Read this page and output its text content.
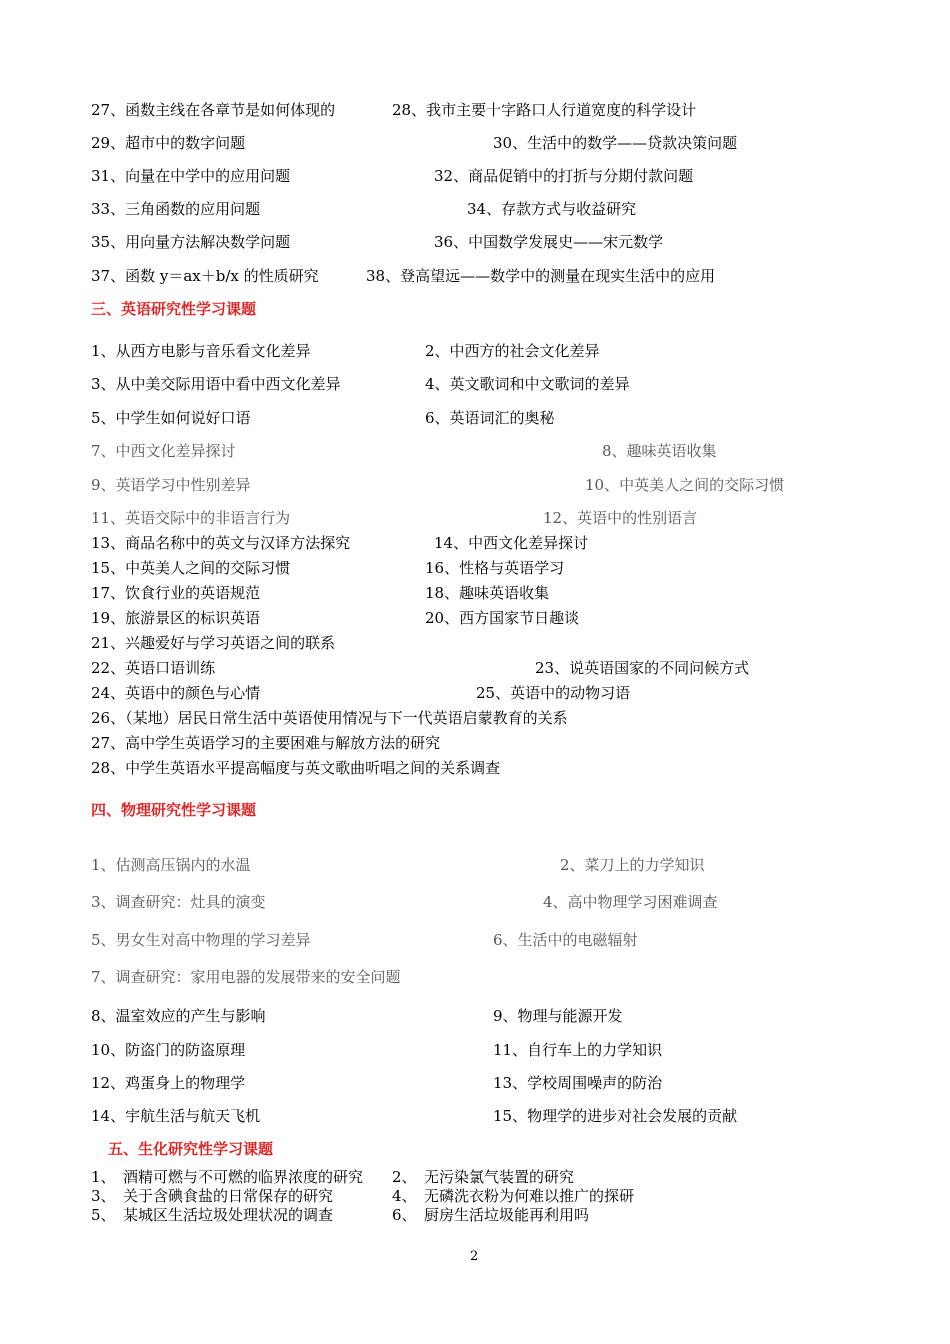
27、函数主线在各章节是如何体现的	28、我市主要十字路口人行道宽度的科学设计
29、超市中的数字问题	30、生活中的数学——贷款决策问题
31、向量在中学中的应用问题	32、商品促销中的打折与分期付款问题
33、三角函数的应用问题	34、存款方式与收益研究
35、用向量方法解决数学问题	36、中国数学发展史——宋元数学
37、函数 y＝ax＋b/x 的性质研究	38、登高望远——数学中的测量在现实生活中的应用
三、英语研究性学习课题
1、从西方电影与音乐看文化差异	2、中西方的社会文化差异
3、从中美交际用语中看中西文化差异	4、英文歌词和中文歌词的差异
5、中学生如何说好口语	6、英语词汇的奥秘
7、中西文化差异探讨	8、趣味英语收集
9、英语学习中性别差异	10、中英美人之间的交际习惯
11、英语交际中的非语言行为	12、英语中的性别语言
13、商品名称中的英文与汉译方法探究	14、中西文化差异探讨
15、中英美人之间的交际习惯	16、性格与英语学习
17、饮食行业的英语规范	18、趣味英语收集
19、旅游景区的标识英语	20、西方国家节日趣谈
21、兴趣爱好与学习英语之间的联系
22、英语口语训练	23、说英语国家的不同问候方式
24、英语中的颜色与心情	25、英语中的动物习语
26、（某地）居民日常生活中英语使用情况与下一代英语启蒙教育的关系
27、高中学生英语学习的主要困难与解放方法的研究
28、中学生英语水平提高幅度与英文歌曲听唱之间的关系调查
四、物理研究性学习课题
1、估测高压锅内的水温	2、菜刀上的力学知识
3、调查研究：灶具的演变	4、高中物理学习困难调查
5、男女生对高中物理的学习差异	6、生活中的电磁辐射
7、调查研究：家用电器的发展带来的安全问题
8、温室效应的产生与影响	9、物理与能源开发
10、防盗门的防盗原理	11、自行车上的力学知识
12、鸡蛋身上的物理学	13、学校周围噪声的防治
14、宇航生活与航天飞机	15、物理学的进步对社会发展的贡献
五、生化研究性学习课题
1、　酒精可燃与不可燃的临界浓度的研究 2、　无污染氯气装置的研究
3、　关于含碘食盐的日常保存的研究	4、　无磷洗衣粉为何难以推广的探研
5、　某城区生活垃圾处理状况的调查	6、　厨房生活垃圾能再利用吗
2
